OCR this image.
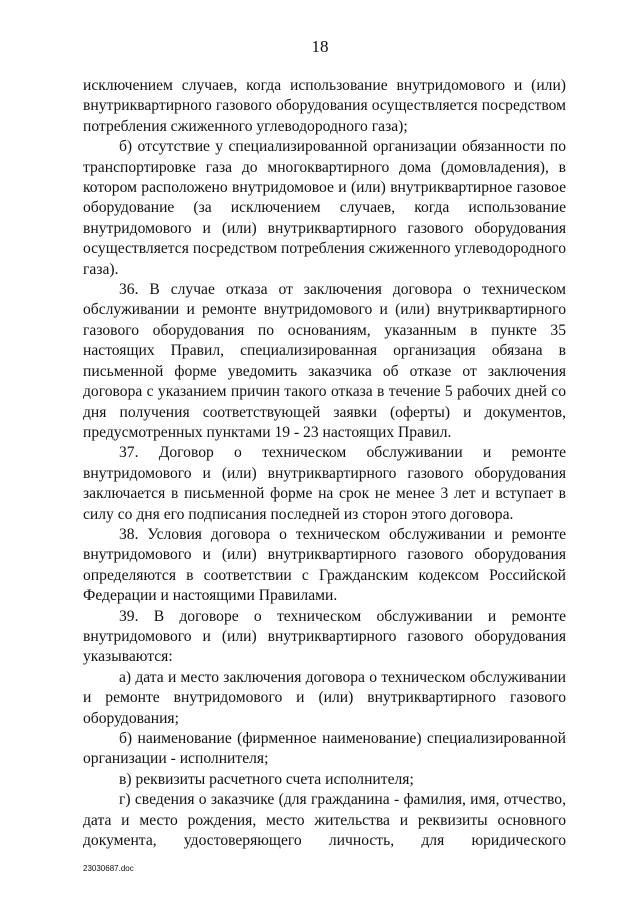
18

исключением случаев, когда использование внутридомового и (или) внутриквартирного газового оборудования осуществляется посредством потребления сжиженного углеводородного газа);

б) отсутствие у специализированной организации обязанности по транспортировке газа до многоквартирного дома (домовладения), в котором расположено внутридомовое и (или) внутриквартирное газовое оборудование (за исключением случаев, когда использование внутридомового и (или) внутриквартирного газового оборудования осуществляется посредством потребления сжиженного углеводородного газа).

36. В случае отказа от заключения договора о техническом обслуживании и ремонте внутридомового и (или) внутриквартирного газового оборудования по основаниям, указанным в пункте 35 настоящих Правил, специализированная организация обязана в письменной форме уведомить заказчика об отказе от заключения договора с указанием причин такого отказа в течение 5 рабочих дней со дня получения соответствующей заявки (оферты) и документов, предусмотренных пунктами 19 - 23 настоящих Правил.

37. Договор о техническом обслуживании и ремонте внутридомового и (или) внутриквартирного газового оборудования заключается в письменной форме на срок не менее 3 лет и вступает в силу со дня его подписания последней из сторон этого договора.

38. Условия договора о техническом обслуживании и ремонте внутридомового и (или) внутриквартирного газового оборудования определяются в соответствии с Гражданским кодексом Российской Федерации и настоящими Правилами.

39. В договоре о техническом обслуживании и ремонте внутридомового и (или) внутриквартирного газового оборудования указываются:

а) дата и место заключения договора о техническом обслуживании и ремонте внутридомового и (или) внутриквартирного газового оборудования;

б) наименование (фирменное наименование) специализированной организации - исполнителя;

в) реквизиты расчетного счета исполнителя;

г) сведения о заказчике (для гражданина - фамилия, имя, отчество, дата и место рождения, место жительства и реквизиты основного документа, удостоверяющего личность, для юридического

23030687.doc
